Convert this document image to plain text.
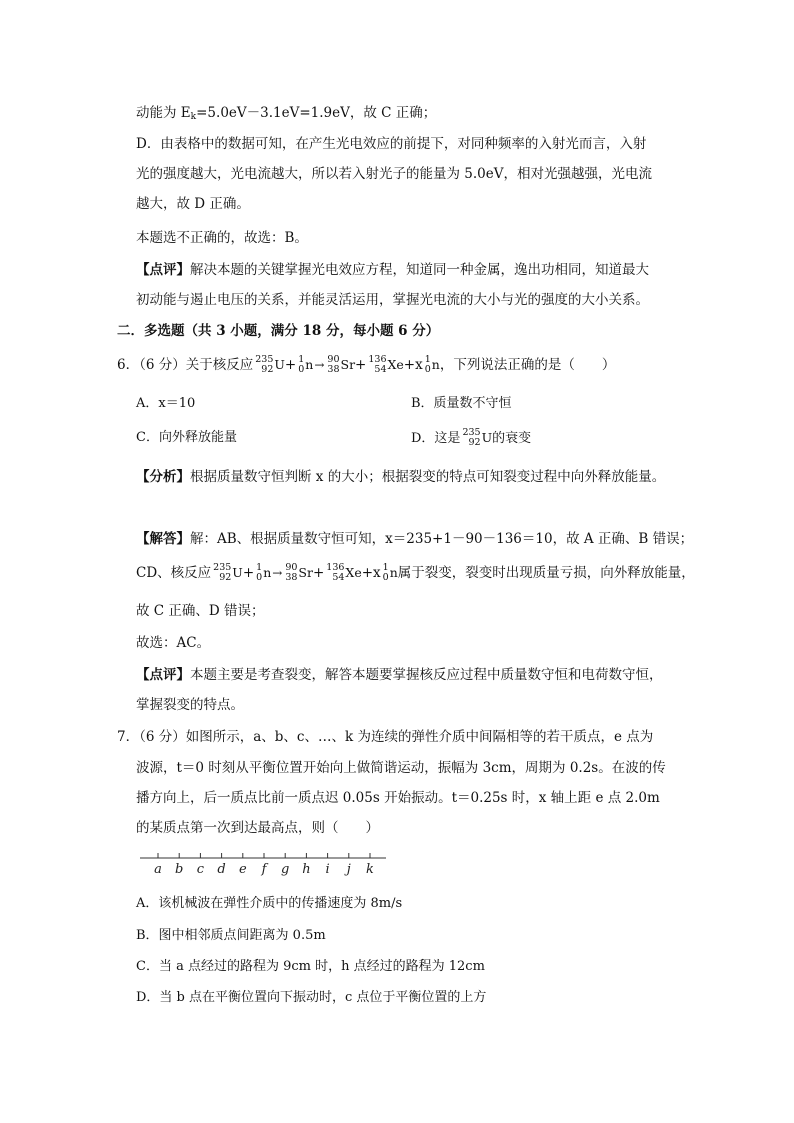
动能为 $E_k=5.0eV-3.1eV=1.9eV$，故 C 正确；
D．由表格中的数据可知，在产生光电效应的前提下，对同种频率的入射光而言，入射
光的强度越大，光电流越大，所以若入射光子的能量为 5.0eV，相对光强越强，光电流
越大，故 D 正确。
本题选不正确的，故选：B。
【点评】解决本题的关键掌握光电效应方程，知道同一种金属，逸出功相同，知道最大
初动能与遏止电压的关系，并能灵活运用，掌握光电流的大小与光的强度的大小关系。
二．多选题（共 3 小题，满分 18 分，每小题 6 分）
6．（6 分）关于核反应 235
92 U+ 1
0 n→ 90
38 Sr+ 136
54 Xe+x 1
0 n，下列说法正确的是（　　）
A．x＝10	B．质量数不守恒
C．向外释放能量	D．这是 235
92 U的衰变
【分析】根据质量数守恒判断 x 的大小；根据裂变的特点可知裂变过程中向外释放能量。
【解答】解：AB、根据质量数守恒可知，x＝235+1－90－136＝10，故 A 正确、B 错误；
CD、核反应 235
92 U+ 1
0 n→ 90
38 Sr+ 136
54 Xe+x 1
0 n属于裂变，裂变时出现质量亏损，向外释放能量，
故 C 正确、D 错误；
故选：AC。
【点评】本题主要是考查裂变，解答本题要掌握核反应过程中质量数守恒和电荷数守恒，
掌握裂变的特点。
7．（6 分）如图所示，a、b、c、…、k 为连续的弹性介质中间隔相等的若干质点，e 点为
波源，t＝0 时刻从平衡位置开始向上做简谐运动，振幅为 3cm，周期为 0.2s。在波的传
播方向上，后一质点比前一质点迟 0.05s 开始振动。t＝0.25s 时，x 轴上距 e 点 2.0m
的某质点第一次到达最高点，则（　　）
a b c d e f g h i j k
A．该机械波在弹性介质中的传播速度为 8m/s
B．图中相邻质点间距离为 0.5m
C．当 a 点经过的路程为 9cm 时，h 点经过的路程为 12cm
D．当 b 点在平衡位置向下振动时，c 点位于平衡位置的上方
